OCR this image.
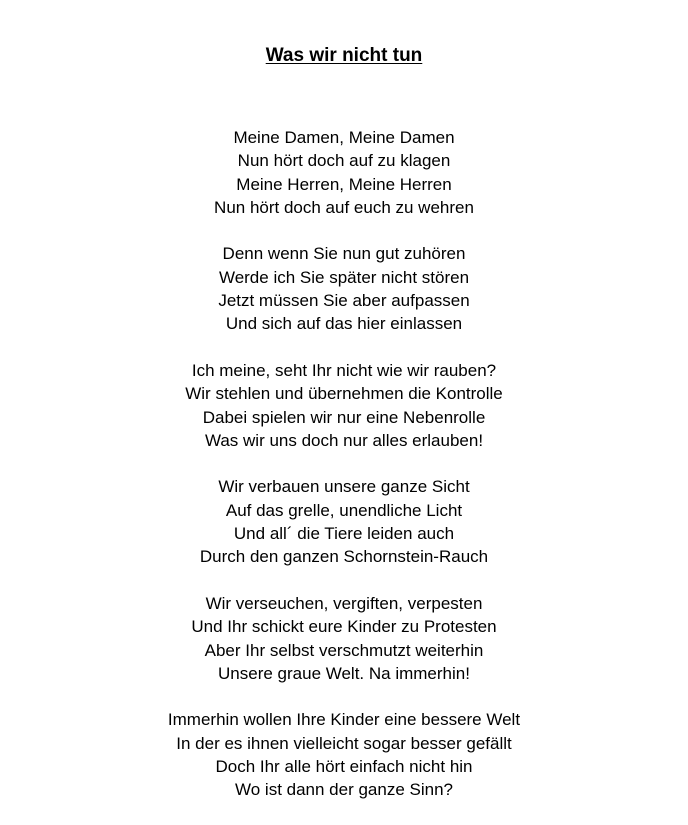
Was wir nicht tun
Meine Damen, Meine Damen
Nun hört doch auf zu klagen
Meine Herren, Meine Herren
Nun hört doch auf euch zu wehren
Denn wenn Sie nun gut zuhören
Werde ich Sie später nicht stören
Jetzt müssen Sie aber aufpassen
Und sich auf das hier einlassen
Ich meine, seht Ihr nicht wie wir rauben?
Wir stehlen und übernehmen die Kontrolle
Dabei spielen wir nur eine Nebenrolle
Was wir uns doch nur alles erlauben!
Wir verbauen unsere ganze Sicht
Auf das grelle, unendliche Licht
Und all´ die Tiere leiden auch
Durch den ganzen Schornstein-Rauch
Wir verseuchen, vergiften, verpesten
Und Ihr schickt eure Kinder zu Protesten
Aber Ihr selbst verschmutzt weiterhin
Unsere graue Welt. Na immerhin!
Immerhin wollen Ihre Kinder eine bessere Welt
In der es ihnen vielleicht sogar besser gefällt
Doch Ihr alle hört einfach nicht hin
Wo ist dann der ganze Sinn?
